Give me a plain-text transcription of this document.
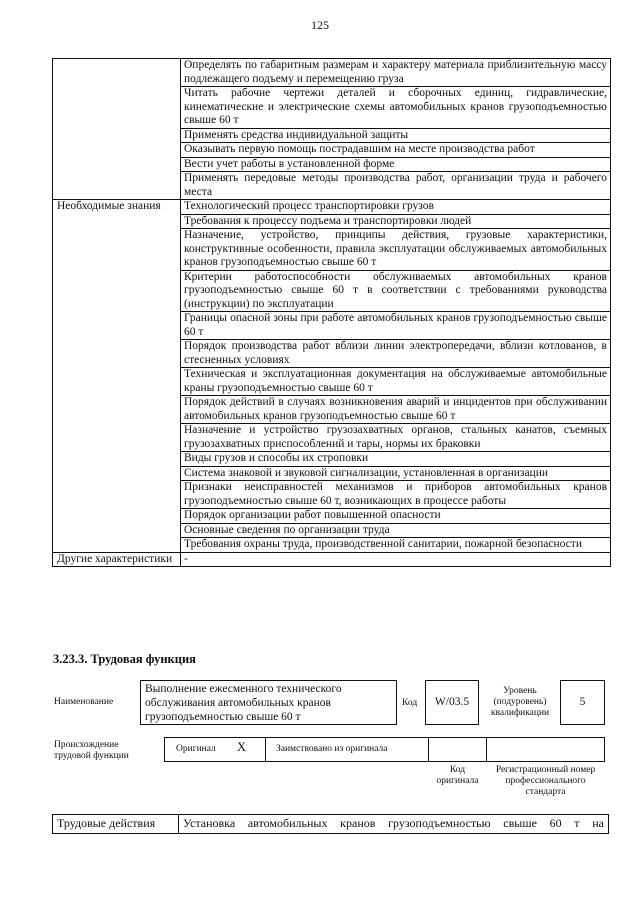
125
Определять по габаритным размерам и характеру материала приблизительную массу подлежащего подъему и перемещению груза
Читать рабочие чертежи деталей и сборочных единиц, гидравлические, кинематические и электрические схемы автомобильных кранов грузоподъемностью свыше 60 т
Применять средства индивидуальной защиты
Оказывать первую помощь пострадавшим на месте производства работ
Вести учет работы в установленной форме
Применять передовые методы производства работ, организации труда и рабочего места
Необходимые знания	Технологический процесс транспортировки грузов
Требования к процессу подъема и транспортировки людей
Назначение, устройство, принципы действия, грузовые характеристики, конструктивные особенности, правила эксплуатации обслуживаемых автомобильных кранов грузоподъемностью свыше 60 т
Критерии работоспособности обслуживаемых автомобильных кранов грузоподъемностью свыше 60 т в соответствии с требованиями руководства (инструкции) по эксплуатации
Границы опасной зоны при работе автомобильных кранов грузоподъемностью свыше 60 т
Порядок производства работ вблизи линии электропередачи, вблизи котлованов, в стесненных условиях
Техническая и эксплуатационная документация на обслуживаемые автомобильные краны грузоподъемностью свыше 60 т
Порядок действий в случаях возникновения аварий и инцидентов при обслуживании автомобильных кранов грузоподъемностью свыше 60 т
Назначение и устройство грузозахватных органов, стальных канатов, съемных грузозахватных приспособлений и тары, нормы их браковки
Виды грузов и способы их строповки
Система знаковой и звуковой сигнализации, установленная в организации
Признаки неисправностей механизмов и приборов автомобильных кранов грузоподъемностью свыше 60 т, возникающих в процессе работы
Порядок организации работ повышенной опасности
Основные сведения по организации труда
Требования охраны труда, производственной санитарии, пожарной безопасности
Другие характеристики	-
3.23.3. Трудовая функция
Наименование
Выполнение ежесменного технического обслуживания автомобильных кранов грузоподъемностью свыше 60 т
Код	W/03.5
Уровень (подуровень) квалификации
5
Происхождение трудовой функции
Оригинал X	Заимствовано из оригинала
Код оригинала
Регистрационный номер профессионального стандарта
Трудовые действия	Установка автомобильных кранов грузоподъемностью свыше 60 т на
